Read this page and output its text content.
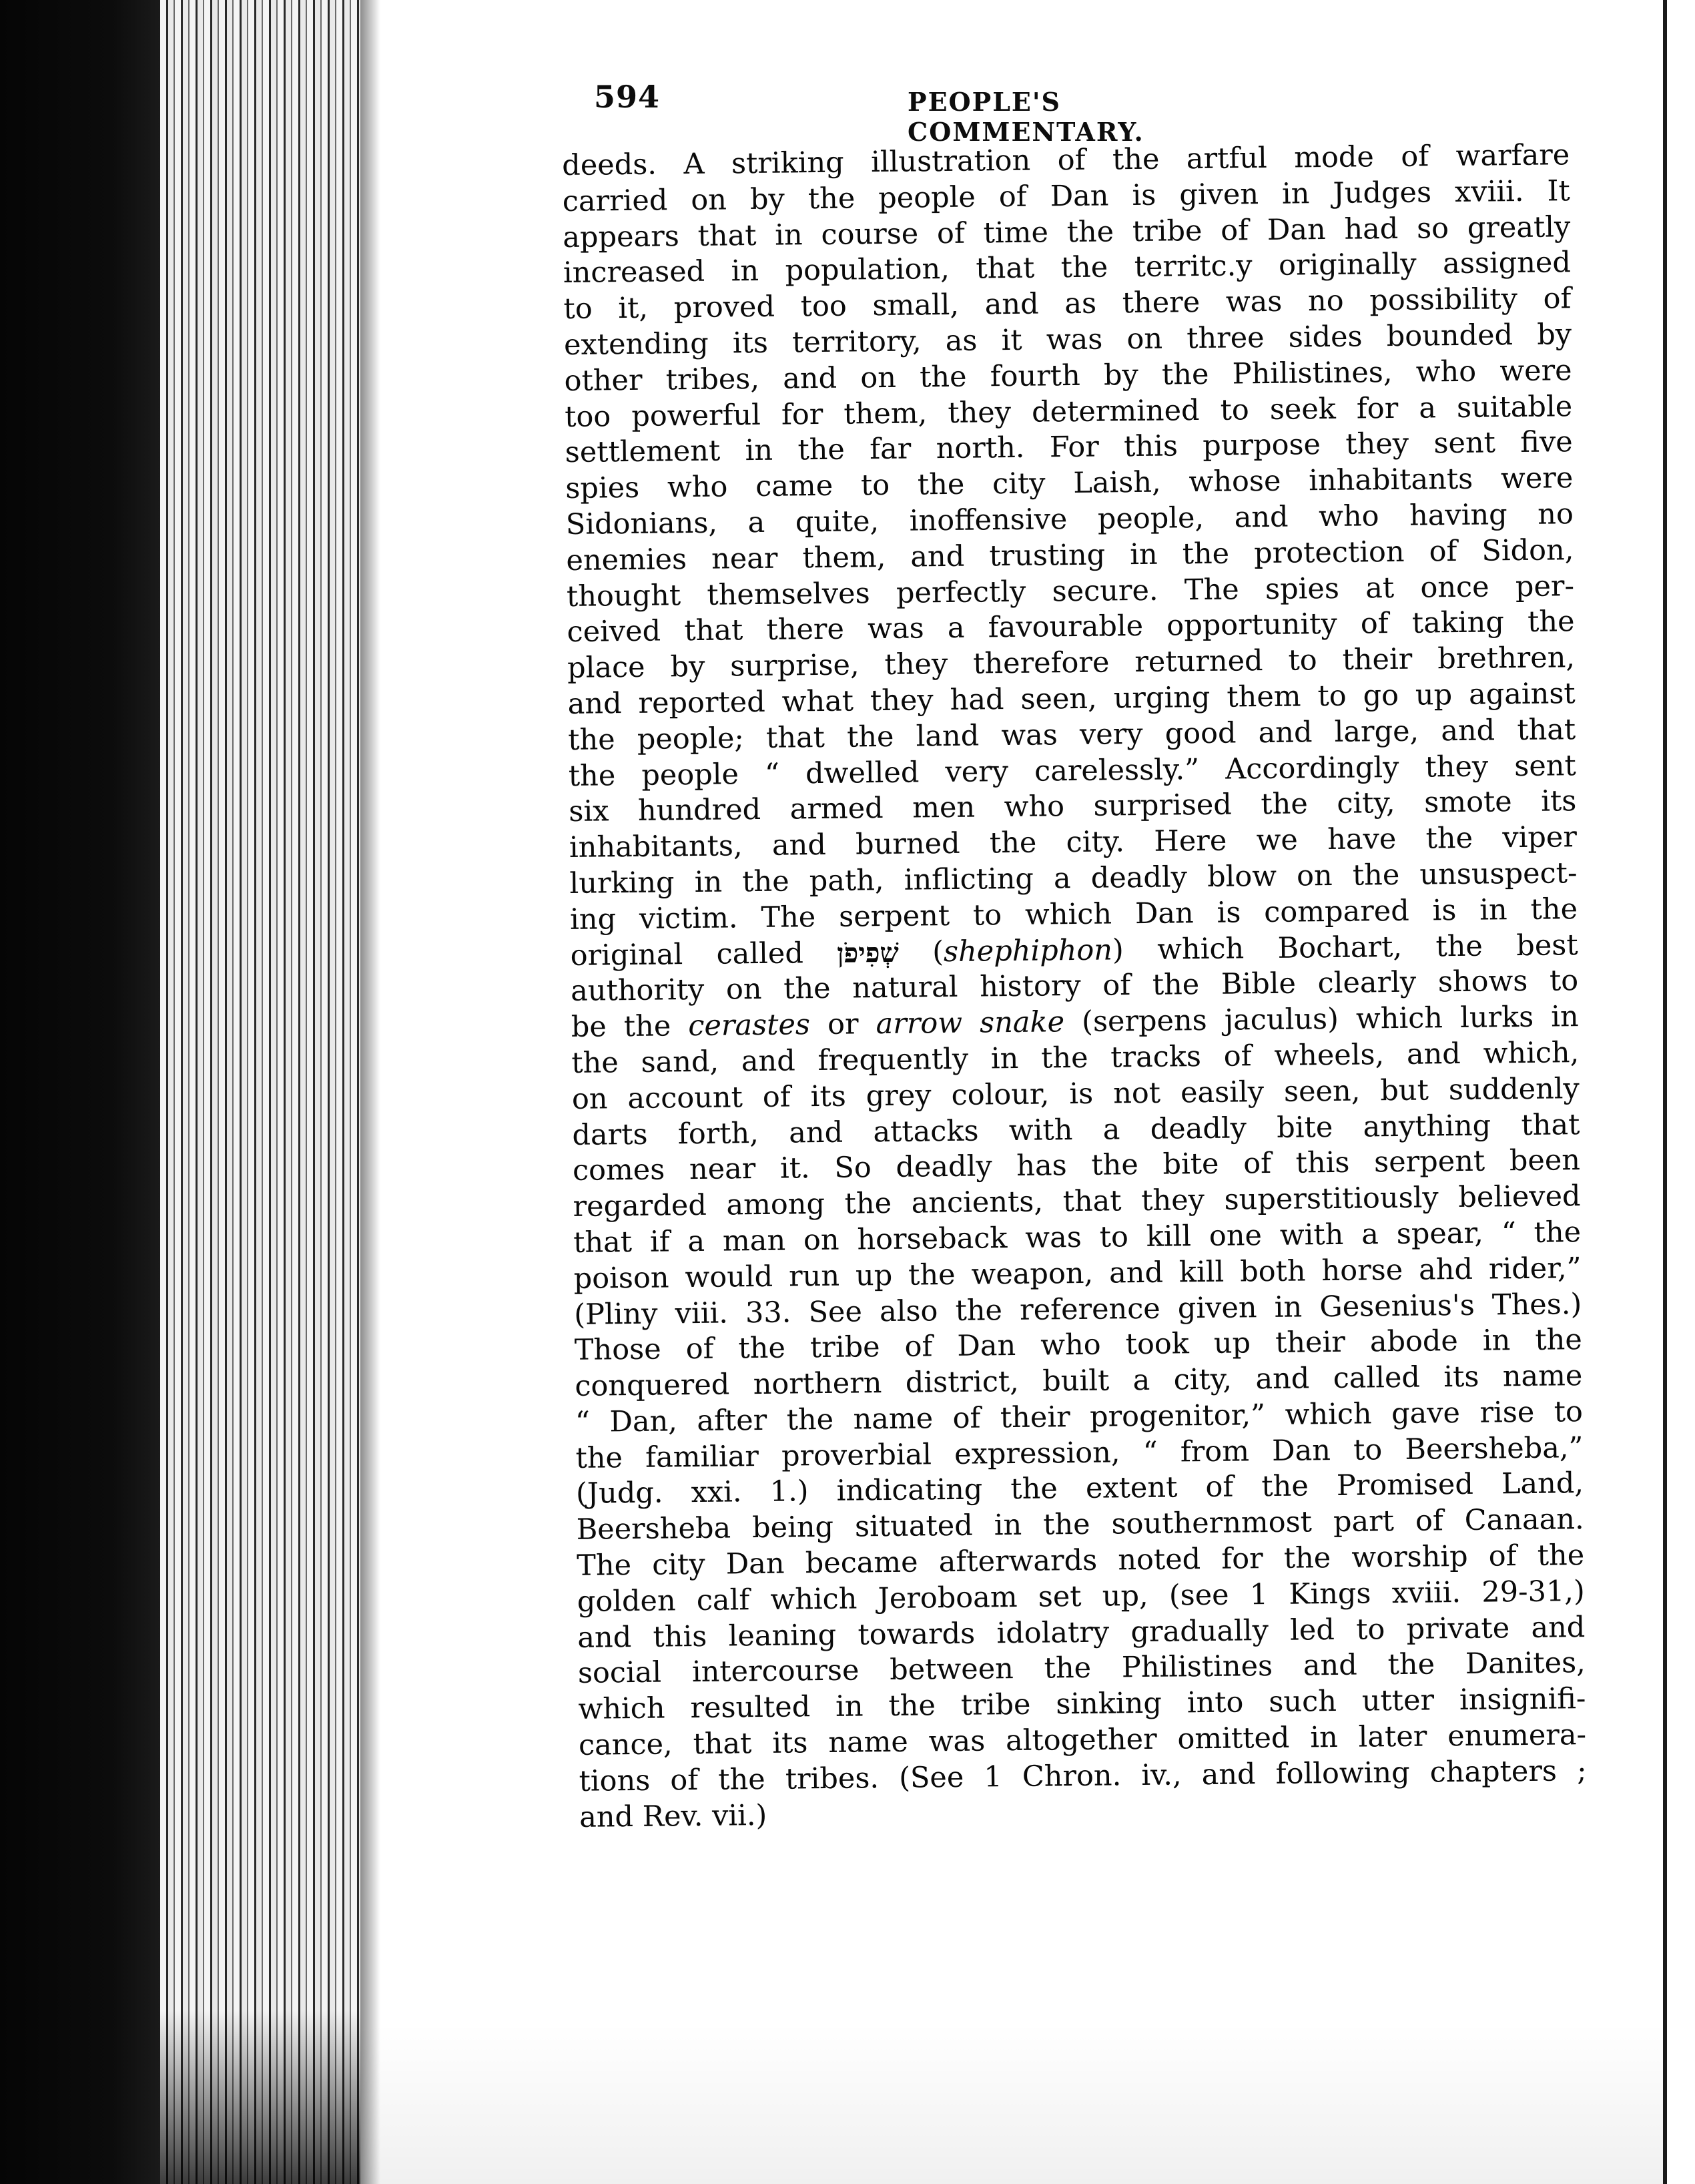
594	PEOPLE'S COMMENTARY.
deeds. A striking illustration of the artful mode of warfare
carried on by the people of Dan is given in Judges xviii. It
appears that in course of time the tribe of Dan had so greatly
increased in population, that the territc.y originally assigned
to it, proved too small, and as there was no possibility of
extending its territory, as it was on three sides bounded by
other tribes, and on the fourth by the Philistines, who were
too powerful for them, they determined to seek for a suitable
settlement in the far north. For this purpose they sent five
spies who came to the city Laish, whose inhabitants were
Sidonians, a quite, inoffensive people, and who having no
enemies near them, and trusting in the protection of Sidon,
thought themselves perfectly secure. The spies at once per-
ceived that there was a favourable opportunity of taking the
place by surprise, they therefore returned to their brethren,
and reported what they had seen, urging them to go up against
the people; that the land was very good and large, and that
the people “ dwelled very carelessly.” Accordingly they sent
six hundred armed men who surprised the city, smote its
inhabitants, and burned the city. Here we have the viper
lurking in the path, inflicting a deadly blow on the unsuspect-
ing victim. The serpent to which Dan is compared is in the
original called שְׁפִיפֹן (shephiphon) which Bochart, the best
authority on the natural history of the Bible clearly shows to
be the cerastes or arrow snake (serpens jaculus) which lurks in
the sand, and frequently in the tracks of wheels, and which,
on account of its grey colour, is not easily seen, but suddenly
darts forth, and attacks with a deadly bite anything that
comes near it. So deadly has the bite of this serpent been
regarded among the ancients, that they superstitiously believed
that if a man on horseback was to kill one with a spear, “ the
poison would run up the weapon, and kill both horse ahd rider,”
(Pliny viii. 33. See also the reference given in Gesenius's Thes.)
Those of the tribe of Dan who took up their abode in the
conquered northern district, built a city, and called its name
“ Dan, after the name of their progenitor,” which gave rise to
the familiar proverbial expression, “ from Dan to Beersheba,”
(Judg. xxi. 1.) indicating the extent of the Promised Land,
Beersheba being situated in the southernmost part of Canaan.
The city Dan became afterwards noted for the worship of the
golden calf which Jeroboam set up, (see 1 Kings xviii. 29-31,)
and this leaning towards idolatry gradually led to private and
social intercourse between the Philistines and the Danites,
which resulted in the tribe sinking into such utter insignifi-
cance, that its name was altogether omitted in later enumera-
tions of the tribes. (See 1 Chron. iv., and following chapters ;
and Rev. vii.)
